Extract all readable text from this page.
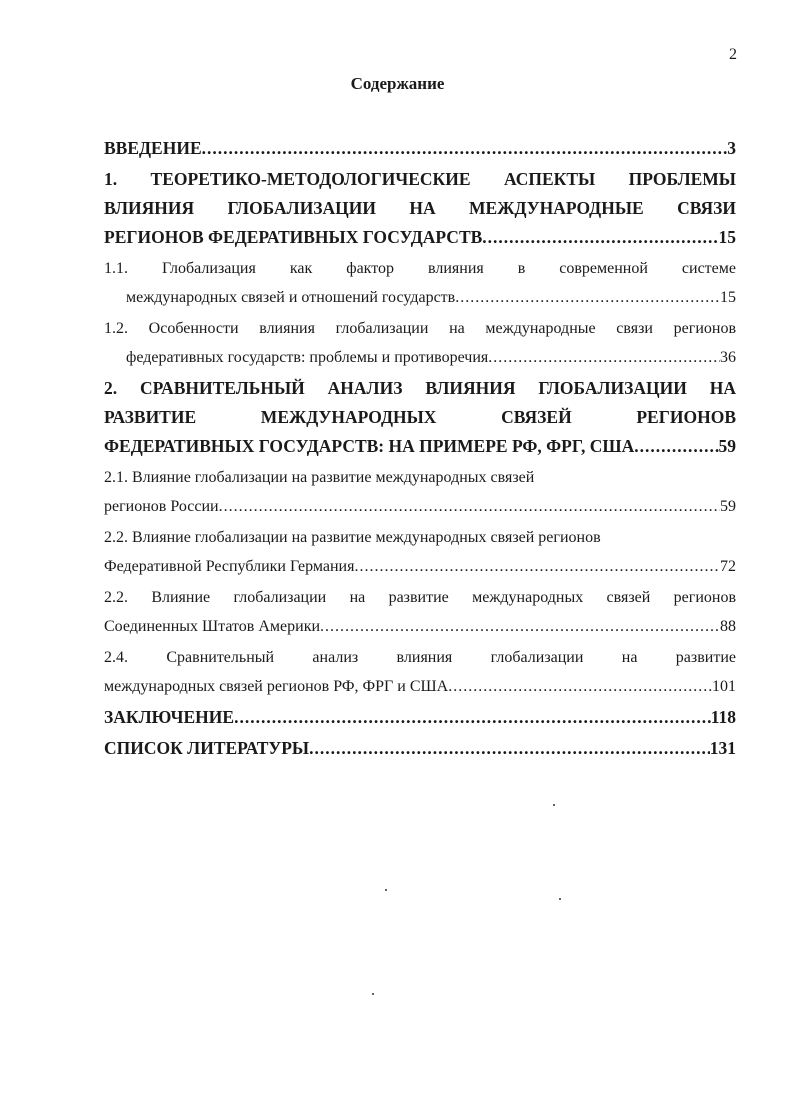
2
Содержание
ВВЕДЕНИЕ .....	3
1. ТЕОРЕТИКО-МЕТОДОЛОГИЧЕСКИЕ АСПЕКТЫ ПРОБЛЕМЫ
ВЛИЯНИЯ ГЛОБАЛИЗАЦИИ НА МЕЖДУНАРОДНЫЕ СВЯЗИ
РЕГИОНОВ ФЕДЕРАТИВНЫХ ГОСУДАРСТВ .....	15
1.1. Глобализация как фактор влияния в современной системе
международных связей и отношений государств .....	15
1.2. Особенности влияния глобализации на международные связи регионов
федеративных государств: проблемы и противоречия .....	36
2. СРАВНИТЕЛЬНЫЙ АНАЛИЗ ВЛИЯНИЯ ГЛОБАЛИЗАЦИИ НА
РАЗВИТИЕ МЕЖДУНАРОДНЫХ СВЯЗЕЙ РЕГИОНОВ
ФЕДЕРАТИВНЫХ ГОСУДАРСТВ: НА ПРИМЕРЕ РФ, ФРГ, США .....	59
2.1. Влияние глобализации на развитие международных связей
регионов России .....	59
2.2. Влияние глобализации на развитие международных связей регионов
Федеративной Республики Германия .....	72
2.2. Влияние глобализации на развитие международных связей регионов
Соединенных Штатов Америки .....	88
2.4. Сравнительный анализ влияния глобализации на развитие
международных связей регионов РФ, ФРГ и США .....	101
ЗАКЛЮЧЕНИЕ .....	118
СПИСОК ЛИТЕРАТУРЫ .....	131
